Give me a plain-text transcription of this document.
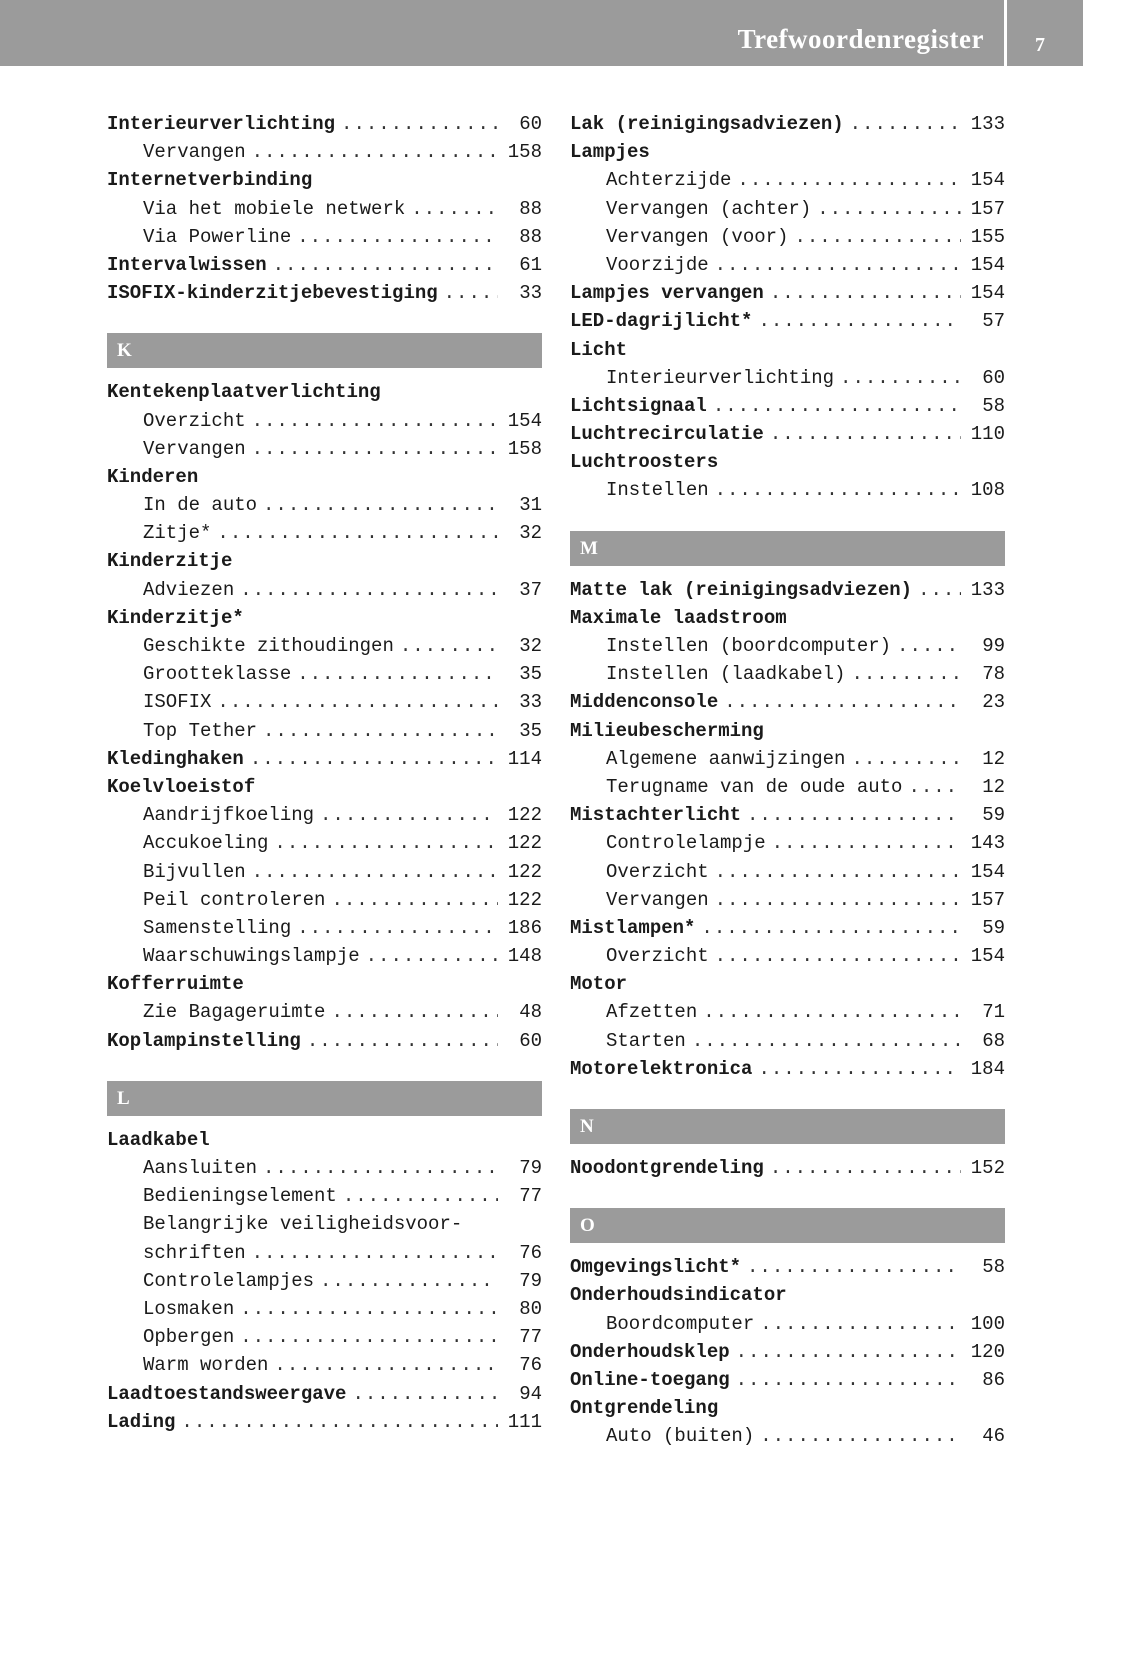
Trefwoordenregister	7
Interieurverlichting .....	60
Vervangen .....	158
Internetverbinding
Via het mobiele netwerk .....	88
Via Powerline .....	88
Intervalwissen .....	61
ISOFIX-kinderzitjebevestiging .....	33
K
Kentekenplaatverlichting
Overzicht .....	154
Vervangen .....	158
Kinderen
In de auto .....	31
Zitje* .....	32
Kinderzitje
Adviezen .....	37
Kinderzitje*
Geschikte zithoudingen .....	32
Grootteklasse .....	35
ISOFIX .....	33
Top Tether .....	35
Kledinghaken .....	114
Koelvloeistof
Aandrijfkoeling .....	122
Accukoeling .....	122
Bijvullen .....	122
Peil controleren .....	122
Samenstelling .....	186
Waarschuwingslampje .....	148
Kofferruimte
Zie Bagageruimte .....	48
Koplampinstelling .....	60
L
Laadkabel
Aansluiten .....	79
Bedieningselement .....	77
Belangrijke veiligheidsvoor-
schriften .....	76
Controlelampjes .....	79
Losmaken .....	80
Opbergen .....	77
Warm worden .....	76
Laadtoestandsweergave .....	94
Lading .....	111
Lak (reinigingsadviezen) .....	133
Lampjes
Achterzijde .....	154
Vervangen (achter) .....	157
Vervangen (voor) .....	155
Voorzijde .....	154
Lampjes vervangen .....	154
LED-dagrijlicht* .....	57
Licht
Interieurverlichting .....	60
Lichtsignaal .....	58
Luchtrecirculatie .....	110
Luchtroosters
Instellen .....	108
M
Matte lak (reinigingsadviezen) .....	133
Maximale laadstroom
Instellen (boordcomputer) .....	99
Instellen (laadkabel) .....	78
Middenconsole .....	23
Milieubescherming
Algemene aanwijzingen .....	12
Terugname van de oude auto .....	12
Mistachterlicht .....	59
Controlelampje .....	143
Overzicht .....	154
Vervangen .....	157
Mistlampen* .....	59
Overzicht .....	154
Motor
Afzetten .....	71
Starten .....	68
Motorelektronica .....	184
N
Noodontgrendeling .....	152
O
Omgevingslicht* .....	58
Onderhoudsindicator
Boordcomputer .....	100
Onderhoudsklep .....	120
Online-toegang .....	86
Ontgrendeling
Auto (buiten) .....	46
